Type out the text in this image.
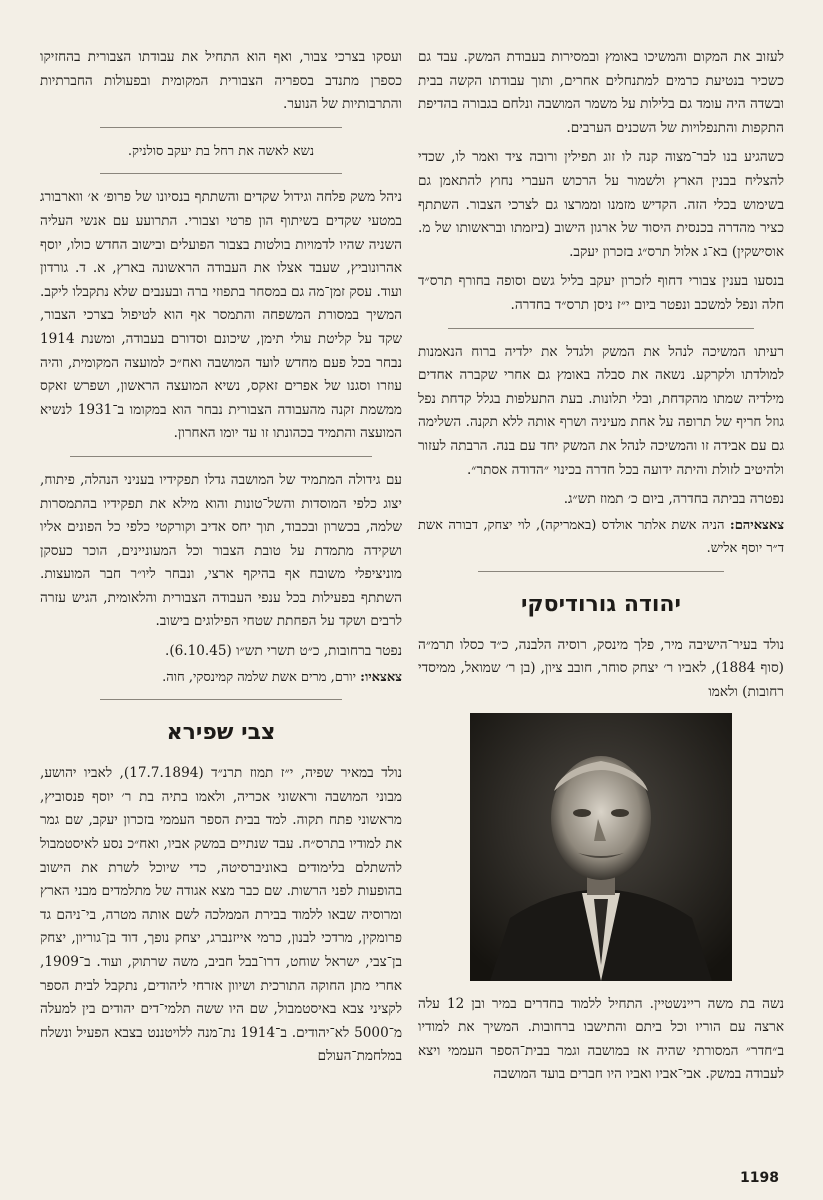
לעזוב את המקום והמשיכו באומץ ובמסירות בעבודת המשק. עבד גם כשכיר בנטיעת כרמים למתנחלים אחרים, ותוך עבודתו הקשה בבית ובשדה היה עומד גם בלילות על משמר המושבה ונלחם בגבורה בהדיפת התקפות והתנפלויות של השכנים הערבים.

כשהגיע בנו לבר־מצוה קנה לו זוג תפילין ורובה ציד ואמר לו, שכדי להצליח בבנין הארץ ולשמור על הרכוש העברי נחוץ להתאמן גם בשימוש בכלי הזה. הקדיש מזמנו וממרצו גם לצרכי הצבור. השתתף כציר מהדרה בכנסית היסוד של ארגון הישוב (ביזמתו ובראשותו של מ. אוסישקין) בא־ג אלול תרס״ג בזכרון יעקב.

בנסעו בענין צבורי דחוף לזכרון יעקב בליל גשם וסופה בחורף תרס״ד חלה ונפל למשכב ונפטר ביום י״ז ניסן תרס״ד בחדרה.

רעיתו המשיכה לנהל את המשק ולגדל את ילדיה ברוח הנאמנות למולדתו ולקרקע. נשאה את סבלה באומץ גם אחרי שקברה אחדים מילדיה שמתו מהקדחת, ובלי תלונות. בעת התעלפות בגלל קדחת נפל גוזל חריף של תרופה על אחת מעיניה ושרף אותה ללא תקנה. השלימה גם עם אבידה זו והמשיכה לנהל את המשק יחד עם בנה. הרבתה לעזור ולהיטיב לזולת והיתה ידועה בכל חדרה בכינוי ״הדודה אסתר״.

נפטרה בביתה בחדרה, ביום כ׳ תמוז תש״ג.

צאצאיהם: הניה אשת אלתר אולדס (באמריקה), לוי יצחק, דבורה אשת ד״ר יוסף אליש.

יהודה גורודיסקי

נולד בעיר־הישיבה מיר, פלך מינסק, רוסיה הלבנה, כ״ד כסלו תרמ״ה (סוף 1884), לאביו ר׳ יצחק סוחר, חובב ציון, (בן ר׳ שמואל, ממיסדי רחובות) ולאמו

נשה בת משה ריינשטיין. התחיל ללמוד בחדרים במיר ובן 12 עלה ארצה עם הוריו וכל ביתם והתישבו ברחובות. המשיך את למודיו ב״חדר״ המסורתי שהיה אז במושבה וגמר בבית־הספר העממי ויצא לעבודה במשק. אבי־אביו ואביו היו חברים בועד המושבה

ועסקו בצרכי צבור, ואף הוא התחיל את עבודתו הצבורית בהחזיקו כספרן מתנדב בספריה הצבורית המקומית ובפעולות החברתיות והתרבותיות של הנוער.

נשא לאשה את רחל בת יעקב סולניק.

ניהל משק פלחה וגידול שקדים והשתתף בנסיונו של פרופ׳ א׳ ווארבורג במטעי שקדים בשיתוף הון פרטי וצבורי. התרועע עם אנשי העליה השניה שהיו לדמויות בולטות בצבור הפועלים ובישוב החדש כולו, יוסף אהרונוביץ, שעבד אצלו את העבודה הראשונה בארץ, א. ד. גורדון ועוד. עסק זמן־מה גם במסחר בתפוזי ברה ובענבים שלא נתקבלו ליקב. המשיך במסורת המשפחה והתמסר אף הוא לטיפול בצרכי הצבור, שקד על קליטת עולי תימן, שיכונם וסדורם בעבודה, ומשנת 1914 נבחר בכל פעם מחדש לועד המושבה ואח״כ למועצה המקומית, והיה עוזרו וסגנו של אפרים זאקס, נשיא המועצה הראשון, ושפרש זאקס ממשמת זקנה מהעבודה הצבורית נבחר הוא במקומו ב־1931 לנשיא המועצה והתמיד בכהונתו זו עד יומו האחרון.

עם גידולה המתמיד של המושבה גדלו תפקידיו בעניני הנהלה, פיתוח, יצוג כלפי המוסדות והשל־טונות והוא מילא את תפקידיו בהתמסרות שלמה, בכשרון ובכבוד, תוך יחס אדיב וקורקטי כלפי כל הפונים אליו ושקידה מתמדת על טובת הצבור וכל המעוניינים, הוכר כעסקן מוניציפלי משובח אף בהיקף ארצי, ונבחר ליו״ר חבר המועצות. השתתף בפעילות בכל ענפי העבודה הצבורית והלאומית, הגיש עזרה לרבים ושקד על הפחתת שטחי הפילוגים בישוב.

נפטר ברחובות, כ״ט תשרי תש״ו (6.10.45).

צאצאיו: יורם, מרים אשת שלמה קמינסקי, חוה.

צבי שפירא

נולד במאיר שפיה, י״ז תמוז תרנ״ד (17.7.1894), לאביו יהושע, מבוני המושבה וראשוני אכריה, ולאמו בתיה בת ר׳ יוסף פנסוביץ, מראשוני פתח תקוה. למד בבית הספר העממי בזכרון יעקב, שם גמר את למודיו בתרס״ח. עבד שנתיים במשק אביו, ואח״כ נסע לאיסטמבול להשתלם בלימודים באוניברסיטה, כדי שיוכל לשרת את הישוב בהופעות לפני הרשות. שם כבר מצא אגודה של מתלמדים מבני הארץ ומרוסיה שבאו ללמוד בבירת הממלכה לשם אותה מטרה, בי־ניהם גד פרומקין, מרדכי לבנון, כרמי אייזנברג, יצחק נופך, דוד בן־גוריון, יצחק בן־צבי, ישראל שוחט, דרו־בבל חביב, משה שרתוק, ועוד. ב־1909, אחרי מתן החוקה התורכית ושיוון אזרחי ליהודים, נתקבל לבית הספר לקציני צבא באיסטמבול, שם היו ששה תלמי־דים יהודים בין למעלה מ־5000 לא־יהודים. ב־1914 נת־מנה ללויטננט בצבא הפעיל ונשלח במלחמת־העולם

1198
